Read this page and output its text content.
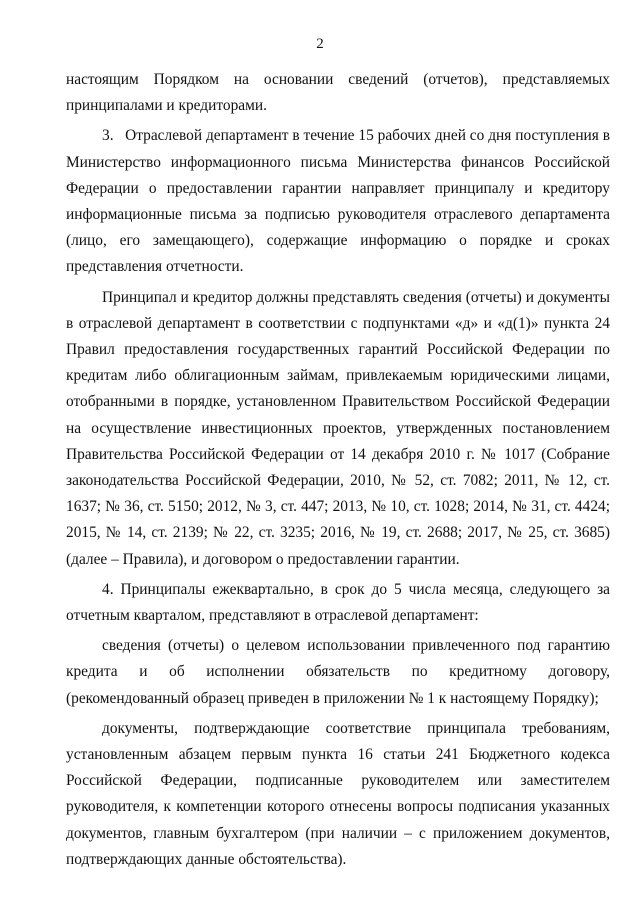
2

настоящим Порядком на основании сведений (отчетов), представляемых принципалами и кредиторами.

3.   Отраслевой департамент в течение 15 рабочих дней со дня поступления в Министерство информационного письма Министерства финансов Российской Федерации о предоставлении гарантии направляет принципалу и кредитору информационные письма за подписью руководителя отраслевого департамента (лицо, его замещающего), содержащие информацию о порядке и сроках представления отчетности.

Принципал и кредитор должны представлять сведения (отчеты) и документы в отраслевой департамент в соответствии с подпунктами «д» и «д(1)» пункта 24 Правил предоставления государственных гарантий Российской Федерации по кредитам либо облигационным займам, привлекаемым юридическими лицами, отобранными в порядке, установленном Правительством Российской Федерации на осуществление инвестиционных проектов, утвержденных постановлением Правительства Российской Федерации от 14 декабря 2010 г. № 1017 (Собрание законодательства Российской Федерации, 2010, № 52, ст. 7082; 2011, № 12, ст. 1637; № 36, ст. 5150; 2012, № 3, ст. 447; 2013, № 10, ст. 1028; 2014, № 31, ст. 4424; 2015, № 14, ст. 2139; № 22, ст. 3235; 2016, № 19, ст. 2688; 2017, № 25, ст. 3685) (далее – Правила), и договором о предоставлении гарантии.

4. Принципалы ежеквартально, в срок до 5 числа месяца, следующего за отчетным кварталом, представляют в отраслевой департамент:

сведения (отчеты) о целевом использовании привлеченного под гарантию кредита и об исполнении обязательств по кредитному договору, (рекомендованный образец приведен в приложении № 1 к настоящему Порядку);

документы, подтверждающие соответствие принципала требованиям, установленным абзацем первым пункта 16 статьи 241 Бюджетного кодекса Российской Федерации, подписанные руководителем или заместителем руководителя, к компетенции которого отнесены вопросы подписания указанных документов, главным бухгалтером (при наличии – с приложением документов, подтверждающих данные обстоятельства).
